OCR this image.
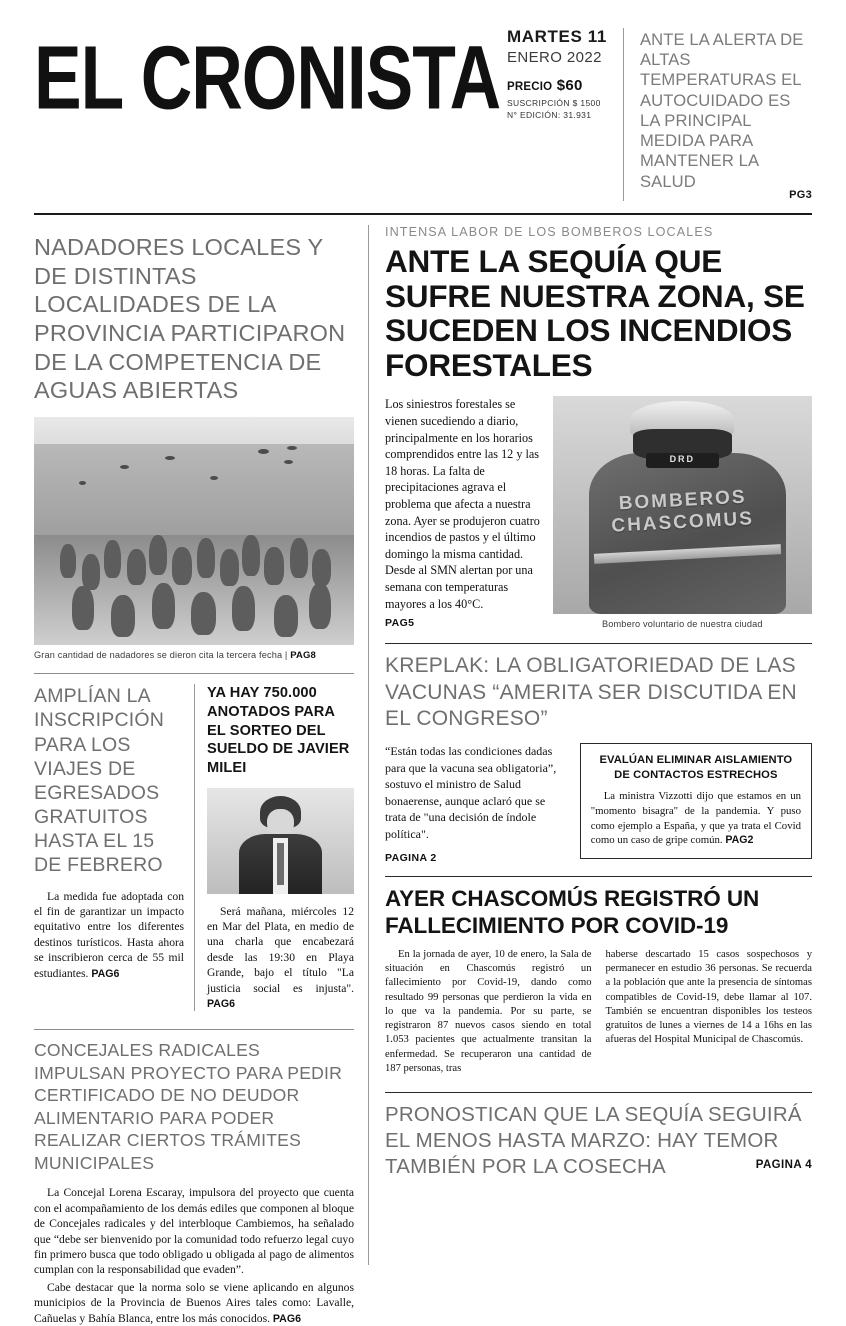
EL CRONISTA MARTES 11
ENERO 2022
PRECIO $60
SUSCRIPCIÓN $ 1500
N° EDICIÓN: 31.931
ANTE LA ALERTA DE ALTAS TEMPERATURAS EL AUTOCUIDADO ES LA PRINCIPAL MEDIDA PARA MANTENER LA SALUD
PG3
NADADORES LOCALES Y DE DISTINTAS LOCALIDADES DE LA PROVINCIA PARTICIPARON DE LA COMPETENCIA DE AGUAS ABIERTAS
Gran cantidad de nadadores se dieron cita la tercera fecha | PAG8
AMPLÍAN LA INSCRIPCIÓN PARA LOS VIAJES DE EGRESADOS GRATUITOS HASTA EL 15 DE FEBRERO

La medida fue adoptada con el fin de garantizar un impacto equitativo entre los diferentes destinos turísticos. Hasta ahora se inscribieron cerca de 55 mil estudiantes. PAG6

YA HAY 750.000 ANOTADOS PARA EL SORTEO DEL SUELDO DE JAVIER MILEI

Será mañana, miércoles 12 en Mar del Plata, en medio de una charla que encabezará desde las 19:30 en Playa Grande, bajo el título "La justicia social es injusta". PAG6

CONCEJALES RADICALES IMPULSAN PROYECTO PARA PEDIR CERTIFICADO DE NO DEUDOR ALIMENTARIO PARA PODER REALIZAR CIERTOS TRÁMITES MUNICIPALES

La Concejal Lorena Escaray, impulsora del proyecto que cuenta con el acompañamiento de los demás ediles que componen al bloque de Concejales radicales y del interbloque Cambiemos, ha señalado que “debe ser bienvenido por la comunidad todo refuerzo legal cuyo fin primero busca que todo obligado u obligada al pago de alimentos cumplan con la responsabilidad que evaden”.

Cabe destacar que la norma solo se viene aplicando en algunos municipios de la Provincia de Buenos Aires tales como: Lavalle, Cañuelas y Bahía Blanca, entre los más conocidos. PAG6

INTENSA LABOR DE LOS BOMBEROS LOCALES
ANTE LA SEQUÍA QUE SUFRE NUESTRA ZONA, SE SUCEDEN LOS INCENDIOS FORESTALES
Los siniestros forestales se vienen sucediendo a diario, principalmente en los horarios comprendidos entre las 12 y las 18 horas. La falta de precipitaciones agrava el problema que afecta a nuestra zona. Ayer se produjeron cuatro incendios de pastos y el último domingo la misma cantidad. Desde al SMN alertan por una semana con temperaturas mayores a los 40°C.
PAG5
DRD
BOMBEROS
CHASCOMUS
Bombero voluntario de nuestra ciudad
KREPLAK: LA OBLIGATORIEDAD DE LAS VACUNAS “AMERITA SER DISCUTIDA EN EL CONGRESO”
“Están todas las condiciones dadas para que la vacuna sea obligatoria”, sostuvo el ministro de Salud bonaerense, aunque aclaró que se trata de "una decisión de índole política".
PAGINA 2
EVALÚAN ELIMINAR AISLAMIENTO DE CONTACTOS ESTRECHOS

La ministra Vizzotti dijo que estamos en un "momento bisagra" de la pandemia. Y puso como ejemplo a España, y que ya trata el Covid como un caso de gripe común. PAG2

AYER CHASCOMÚS REGISTRÓ UN FALLECIMIENTO POR COVID-19

En la jornada de ayer, 10 de enero, la Sala de situación en Chascomús registró un fallecimiento por Covid-19, dando como resultado 99 personas que perdieron la vida en lo que va la pandemia. Por su parte, se registraron 87 nuevos casos siendo en total 1.053 pacientes que actualmente transitan la enfermedad. Se recuperaron una cantidad de 187 personas, tras

haberse descartado 15 casos sospechosos y permanecer en estudio 36 personas. Se recuerda a la población que ante la presencia de síntomas compatibles de Covid-19, debe llamar al 107. También se encuentran disponibles los testeos gratuitos de lunes a viernes de 14 a 16hs en las afueras del Hospital Municipal de Chascomús.

PRONOSTICAN QUE LA SEQUÍA SEGUIRÁ EL MENOS HASTA MARZO: HAY TEMOR TAMBIÉN POR LA COSECHA	PAGINA 4
